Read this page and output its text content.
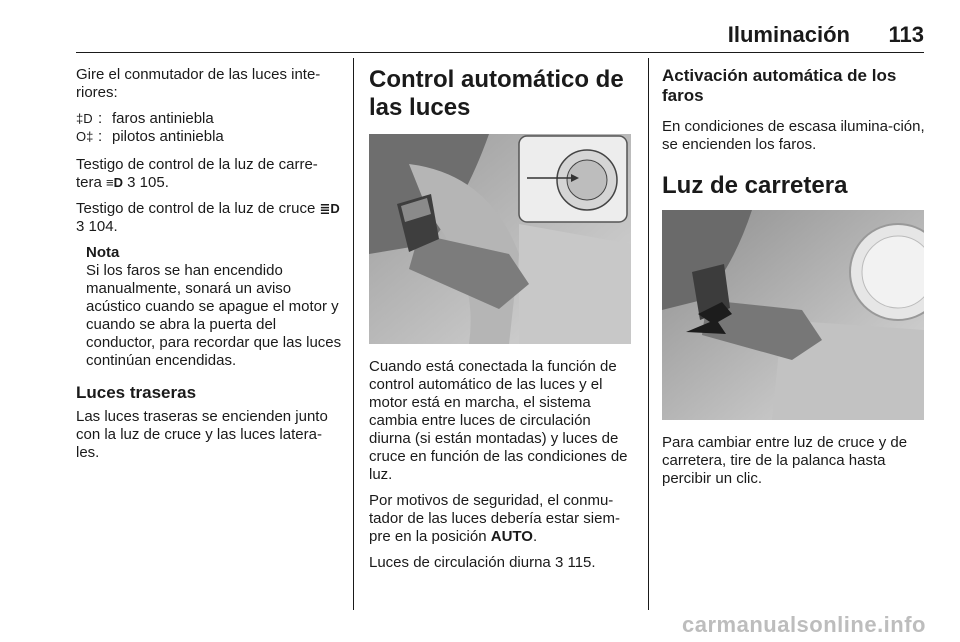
Iluminación 113

Gire el conmutador de las luces inte-riores:

‡D : faros antiniebla
O‡ : pilotos antiniebla

Testigo de control de la luz de carre-tera ≡D 3 105.

Testigo de control de la luz de cruce ≣D 3 104.

Nota
Si los faros se han encendido manualmente, sonará un aviso acústico cuando se apague el motor y cuando se abra la puerta del conductor, para recordar que las luces continúan encendidas.
Luces traseras

Las luces traseras se encienden junto con la luz de cruce y las luces latera-les.

Control automático de las luces

Cuando está conectada la función de control automático de las luces y el motor está en marcha, el sistema cambia entre luces de circulación diurna (si están montadas) y luces de cruce en función de las condiciones de luz.

Por motivos de seguridad, el conmu-tador de las luces debería estar siem-pre en la posición AUTO.

Luces de circulación diurna 3 115.

Activación automática de los faros

En condiciones de escasa ilumina-ción, se encienden los faros.

Luz de carretera

Para cambiar entre luz de cruce y de carretera, tire de la palanca hasta percibir un clic.

carmanualsonline.info
